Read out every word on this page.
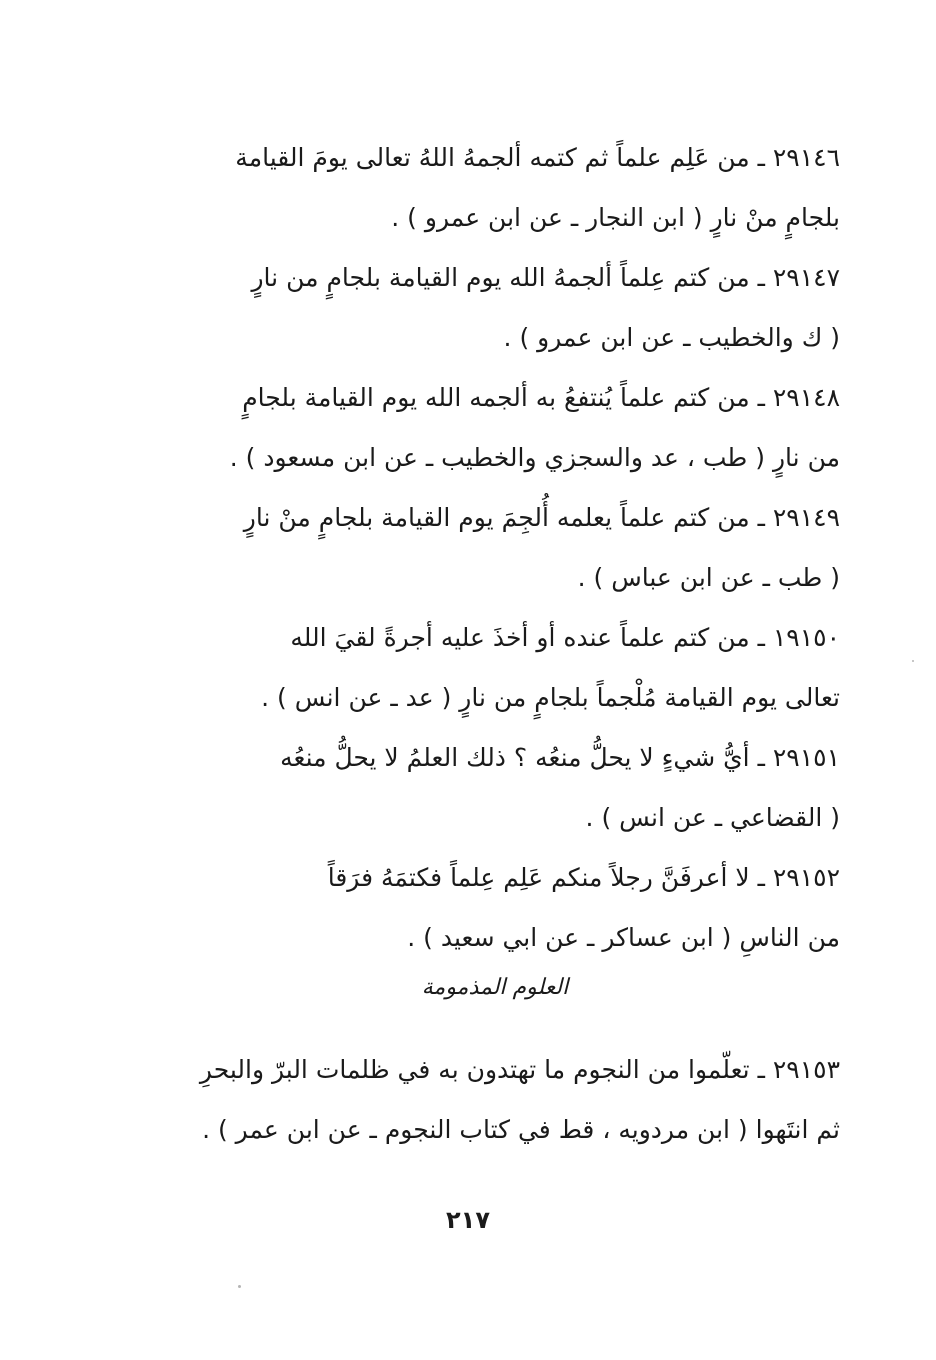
٢٩١٤٦ ـ من عَلِم علماً ثم كتمه ألجمهُ اللهُ تعالى يومَ القيامة
بلجامٍ منْ نارٍ ( ابن النجار ـ عن ابن عمرو ) .

٢٩١٤٧ ـ من كتم عِلماً ألجمهُ الله يوم القيامة بلجامٍ من نارٍ
( ك والخطيب ـ عن ابن عمرو ) .

٢٩١٤٨ ـ من كتم علماً يُنتفعُ به ألجمه الله يوم القيامة بلجامٍ
من نارٍ ( طب ، عد والسجزي والخطيب ـ عن ابن مسعود ) .

٢٩١٤٩ ـ من كتم علماً يعلمه أُلجِمَ يوم القيامة بلجامٍ منْ نارٍ
( طب ـ عن ابن عباس ) .

١٩١٥٠ ـ من كتم علماً عنده أو أخذَ عليه أجرةً لقيَ الله
تعالى يوم القيامة مُلْجماً بلجامٍ من نارٍ ( عد ـ عن انس ) .

٢٩١٥١ ـ أيُّ شيءٍ لا يحلُّ منعُه ؟ ذلك العلمُ لا يحلُّ منعُه
( القضاعي ـ عن انس ) .

٢٩١٥٢ ـ لا أعرفَنَّ رجلاً منكم عَلِم عِلماً فكتمَهُ فرَقاً
من الناسِ ( ابن عساكر ـ عن ابي سعيد ) .

العلوم المذمومة

٢٩١٥٣ ـ تعلّموا من النجوم ما تهتدون به في ظلمات البرّ والبحرِ
ثم انتَهوا ( ابن مردويه ، قط في كتاب النجوم ـ عن ابن عمر ) .

٢١٧
